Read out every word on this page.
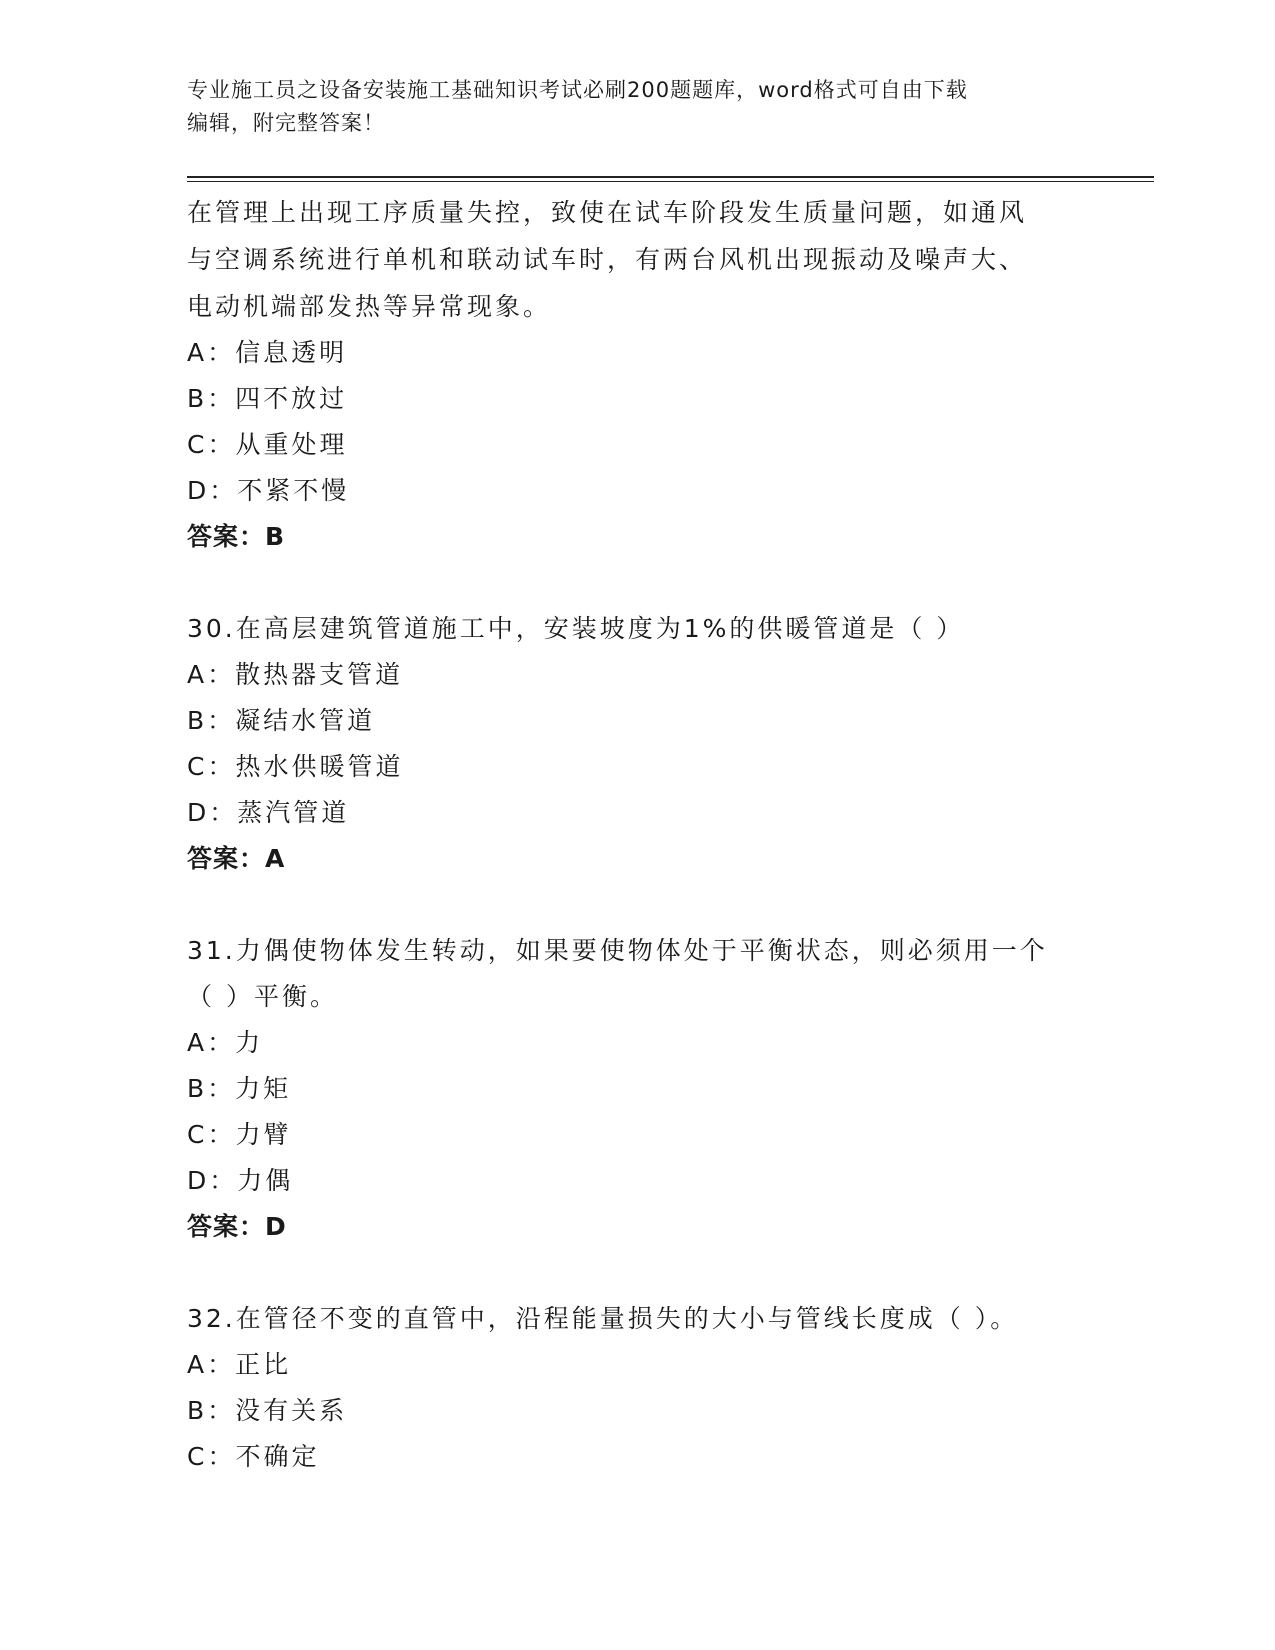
专业施工员之设备安装施工基础知识考试必刷200题题库，word格式可自由下载
编辑，附完整答案！
在管理上出现工序质量失控，致使在试车阶段发生质量问题，如通风
与空调系统进行单机和联动试车时，有两台风机出现振动及噪声大、
电动机端部发热等异常现象。
A：信息透明
B：四不放过
C：从重处理
D：不紧不慢
答案：B
30.在高层建筑管道施工中，安装坡度为1%的供暖管道是（ ）
A：散热器支管道
B：凝结水管道
C：热水供暖管道
D：蒸汽管道
答案：A
31.力偶使物体发生转动，如果要使物体处于平衡状态，则必须用一个
（ ）平衡。
A：力
B：力矩
C：力臂
D：力偶
答案：D
32.在管径不变的直管中，沿程能量损失的大小与管线长度成（ ）。
A：正比
B：没有关系
C：不确定
